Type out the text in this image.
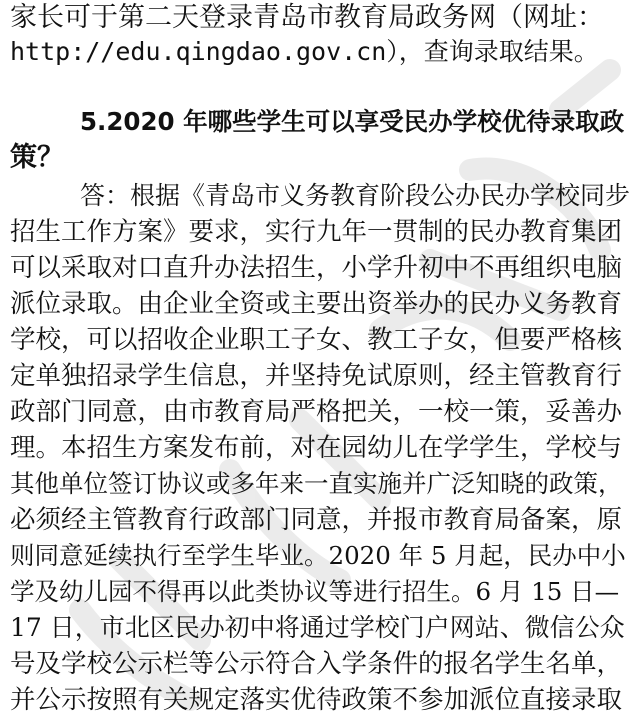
家长可于第二天登录青岛市教育局政务网（网址：
http://edu.qingdao.gov.cn），查询录取结果。
5.2020 年哪些学生可以享受民办学校优待录取政
策？
答：根据《青岛市义务教育阶段公办民办学校同步
招生工作方案》要求，实行九年一贯制的民办教育集团
可以采取对口直升办法招生，小学升初中不再组织电脑
派位录取。由企业全资或主要出资举办的民办义务教育
学校，可以招收企业职工子女、教工子女，但要严格核
定单独招录学生信息，并坚持免试原则，经主管教育行
政部门同意，由市教育局严格把关，一校一策，妥善办
理。本招生方案发布前，对在园幼儿在学学生，学校与
其他单位签订协议或多年来一直实施并广泛知晓的政策，
必须经主管教育行政部门同意，并报市教育局备案，原
则同意延续执行至学生毕业。2020 年 5 月起，民办中小
学及幼儿园不得再以此类协议等进行招生。6 月 15 日—
17 日，市北区民办初中将通过学校门户网站、微信公众
号及学校公示栏等公示符合入学条件的报名学生名单，
并公示按照有关规定落实优待政策不参加派位直接录取
